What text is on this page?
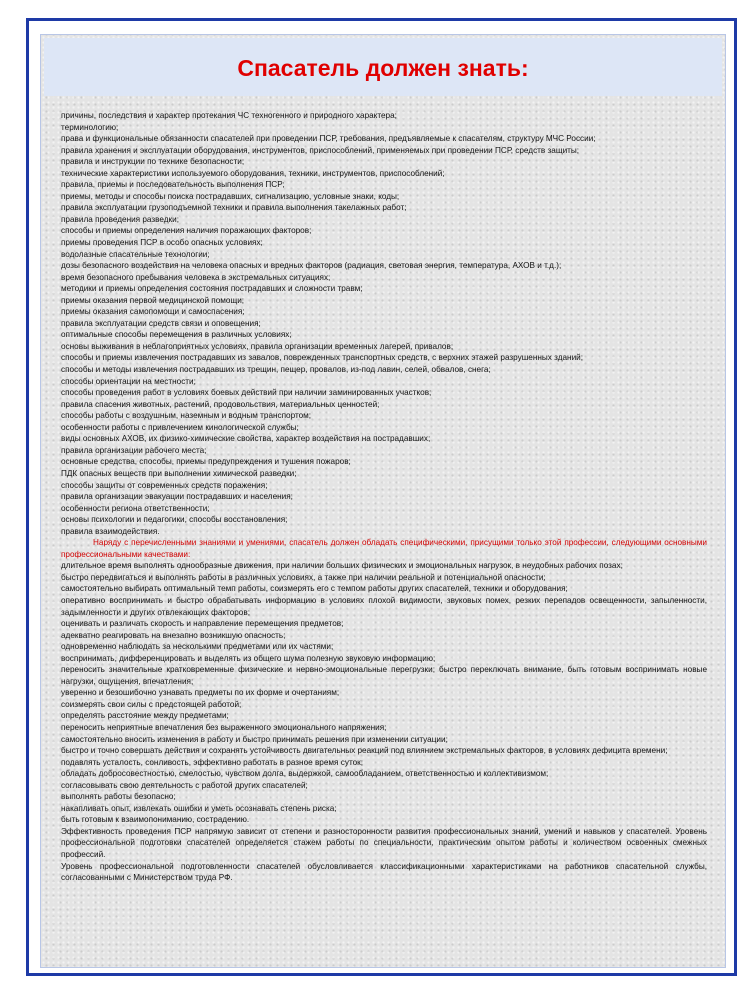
Спасатель должен знать:
причины, последствия и характер протекания ЧС техногенного и природного характера;
терминологию;
права и функциональные обязанности спасателей при проведении ПСР, требования, предъявляемые к спасателям, структуру МЧС России;
правила хранения и эксплуатации оборудования, инструментов, приспособлений, применяемых при проведении ПСР, средств защиты;
правила и инструкции по технике безопасности;
технические характеристики используемого оборудования, техники, инструментов, приспособлений;
правила, приемы и последовательность выполнения ПСР;
приемы, методы и способы поиска пострадавших, сигнализацию, условные знаки, коды;
правила эксплуатации грузоподъемной техники и правила выполнения такелажных работ;
правила проведения разведки;
способы и приемы определения наличия поражающих факторов;
приемы проведения ПСР в особо опасных условиях;
водолазные спасательные технологии;
дозы безопасного воздействия на человека опасных и вредных факторов (радиация, световая энергия, температура, АХОВ и т.д.);
время безопасного пребывания человека в экстремальных ситуациях;
методики и приемы определения состояния пострадавших и сложности травм;
приемы оказания первой медицинской помощи;
приемы оказания самопомощи и самоспасения;
правила эксплуатации средств связи и оповещения;
оптимальные способы перемещения в различных условиях;
основы выживания в неблагоприятных условиях, правила организации временных лагерей, привалов;
способы и приемы извлечения пострадавших из завалов, поврежденных транспортных средств, с верхних этажей разрушенных зданий;
способы и методы извлечения пострадавших из трещин, пещер, провалов, из-под лавин, селей, обвалов, снега;
способы ориентации на местности;
способы проведения работ в условиях боевых действий при наличии заминированных участков;
правила спасения животных, растений, продовольствия, материальных ценностей;
способы работы с воздушным, наземным и водным транспортом;
особенности работы с привлечением кинологической службы;
виды основных АХОВ, их физико-химические свойства, характер воздействия на пострадавших;
правила организации рабочего места;
основные средства, способы, приемы предупреждения и тушения пожаров;
ПДК опасных веществ при выполнении химической разведки;
способы защиты от современных средств поражения;
правила организации эвакуации пострадавших и населения;
особенности региона ответственности;
основы психологии и педагогики, способы восстановления;
правила взаимодействия.
Наряду с перечисленными знаниями и умениями, спасатель должен обладать специфическими, присущими только этой профессии, следующими основными профессиональными качествами:
длительное время выполнять однообразные движения, при наличии больших физических и эмоциональных нагрузок, в неудобных рабочих позах;
быстро передвигаться и выполнять работы в различных условиях, а также при наличии реальной и потенциальной опасности;
самостоятельно выбирать оптимальный темп работы, соизмерять его с темпом работы других спасателей, техники и оборудования;
оперативно воспринимать и быстро обрабатывать информацию в условиях плохой видимости, звуковых помех, резких перепадов освещенности, запыленности, задымленности и других отвлекающих факторов;
оценивать и различать скорость и направление перемещения предметов;
адекватно реагировать на внезапно возникшую опасность;
одновременно наблюдать за несколькими предметами или их частями;
воспринимать, дифференцировать и выделять из общего шума полезную звуковую информацию;
переносить значительные кратковременные физические и нервно-эмоциональные перегрузки; быстро переключать внимание, быть готовым воспринимать новые нагрузки, ощущения, впечатления;
уверенно и безошибочно узнавать предметы по их форме и очертаниям;
соизмерять свои силы с предстоящей работой;
определять расстояние между предметами;
переносить неприятные впечатления без выраженного эмоционального напряжения;
самостоятельно вносить изменения в работу и быстро принимать решения при изменении ситуации;
быстро и точно совершать действия и сохранять устойчивость двигательных реакций под влиянием экстремальных факторов, в условиях дефицита времени;
подавлять усталость, сонливость, эффективно работать в разное время суток;
обладать добросовестностью, смелостью, чувством долга, выдержкой, самообладанием, ответственностью и коллективизмом;
согласовывать свою деятельность с работой других спасателей;
выполнять работы безопасно;
накапливать опыт, извлекать ошибки и уметь осознавать степень риска;
быть готовым к взаимопониманию, сострадению.
Эффективность проведения ПСР напрямую зависит от степени и разносторонности развития профессиональных знаний, умений и навыков у спасателей. Уровень профессиональной подготовки спасателей определяется стажем работы по специальности, практическим опытом работы и количеством освоенных смежных профессий.
Уровень профессиональной подготовленности спасателей обусловливается классификационными характеристиками на работников спасательной службы, согласованными с Министерством труда РФ.
